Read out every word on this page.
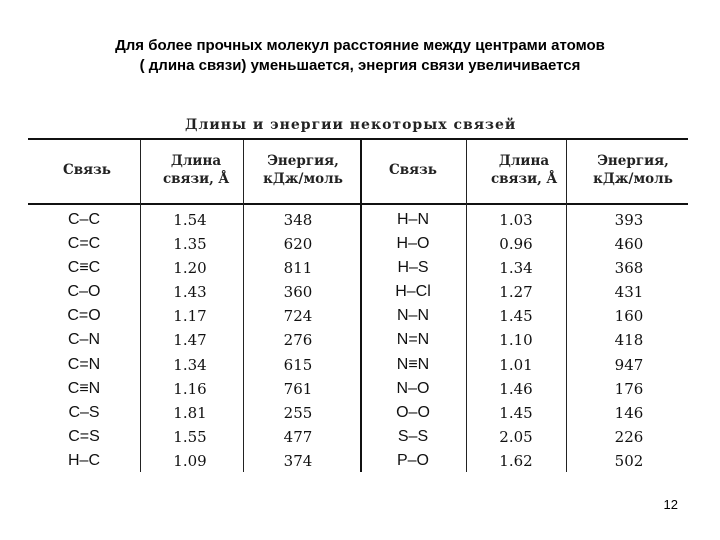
Для более прочных молекул расстояние между центрами атомов
( длина связи) уменьшается, энергия связи увеличивается
Длины и энергии некоторых связей
Связь
Длина
связи, Å
Энергия,
кДж/моль
Связь
Длина
связи, Å
Энергия,
кДж/моль
C–C
C=C
C≡C
C–O
C=O
C–N
C=N
C≡N
C–S
C=S
H–C
1.54
1.35
1.20
1.43
1.17
1.47
1.34
1.16
1.81
1.55
1.09
348
620
811
360
724
276
615
761
255
477
374
H–N
H–O
H–S
H–Cl
N–N
N=N
N≡N
N–O
O–O
S–S
P–O
1.03
0.96
1.34
1.27
1.45
1.10
1.01
1.46
1.45
2.05
1.62
393
460
368
431
160
418
947
176
146
226
502
12
